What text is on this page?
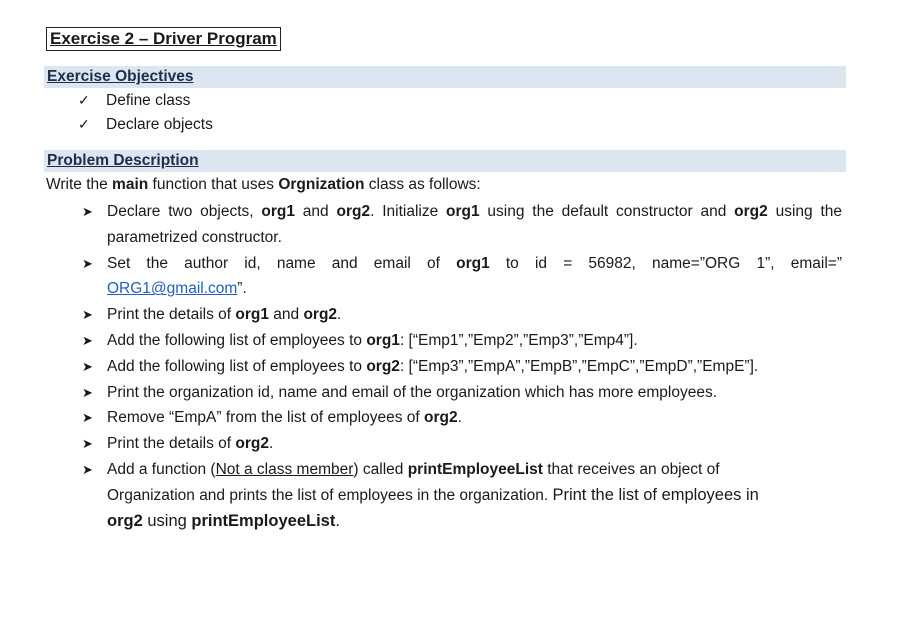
Exercise 2 – Driver Program
Exercise Objectives
✓ Define class
✓ Declare objects
Problem Description
Write the main function that uses Orgnization class as follows:
➤ Declare two objects, org1 and org2. Initialize org1 using the default constructor and org2 using the
parametrized constructor.
➤ Set the author id, name and email of org1 to id = 56982, name=”ORG 1”, email=”
ORG1@gmail.com”.
➤ Print the details of org1 and org2.
➤ Add the following list of employees to org1: [“Emp1”,”Emp2”,”Emp3”,”Emp4”].
➤ Add the following list of employees to org2: [“Emp3”,”EmpA”,”EmpB”,”EmpC”,”EmpD”,”EmpE”].
➤ Print the organization id, name and email of the organization which has more employees.
➤ Remove “EmpA” from the list of employees of org2.
➤ Print the details of org2.
➤ Add a function (Not a class member) called printEmployeeList that receives an object of
Organization and prints the list of employees in the organization. Print the list of employees in
org2 using printEmployeeList.
